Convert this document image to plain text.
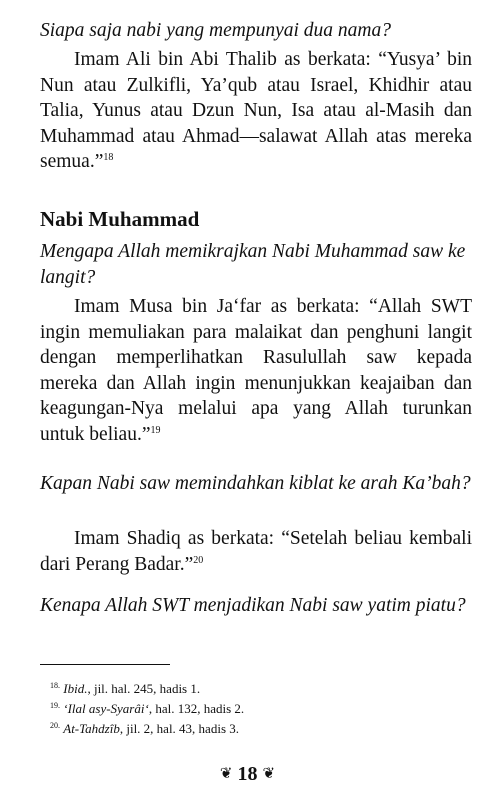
Siapa saja nabi yang mempunyai dua nama?

Imam Ali bin Abi Thalib as berkata: “Yusya’ bin Nun atau Zulkifli, Ya’qub atau Israel, Khidhir atau Talia, Yunus atau Dzun Nun, Isa atau al-Masih dan Muhammad atau Ahmad—salawat Allah atas mereka semua.”$^{18}$

Nabi Muhammad

Mengapa Allah memikrajkan Nabi Muhammad saw ke langit?

Imam Musa bin Ja‘far as berkata: “Allah SWT ingin memuliakan para malaikat dan penghuni langit dengan memperlihatkan Rasulullah saw kepada mereka dan Allah ingin menunjukkan keajaiban dan keagungan-Nya melalui apa yang Allah turunkan untuk beliau.”$^{19}$

Kapan Nabi saw memindahkan kiblat ke arah Ka’bah?

Imam Shadiq as berkata: “Setelah beliau kembali dari Perang Badar.”$^{20}$

Kenapa Allah SWT menjadikan Nabi saw yatim piatu?

$^{18.}$ Ibid., jil. hal. 245, hadis 1.

$^{19.}$ ‘Ilal asy-Syarâi‘, hal. 132, hadis 2.

$^{20.}$ At-Tahdzîb, jil. 2, hal. 43, hadis 3.

❦ 18 ❦
